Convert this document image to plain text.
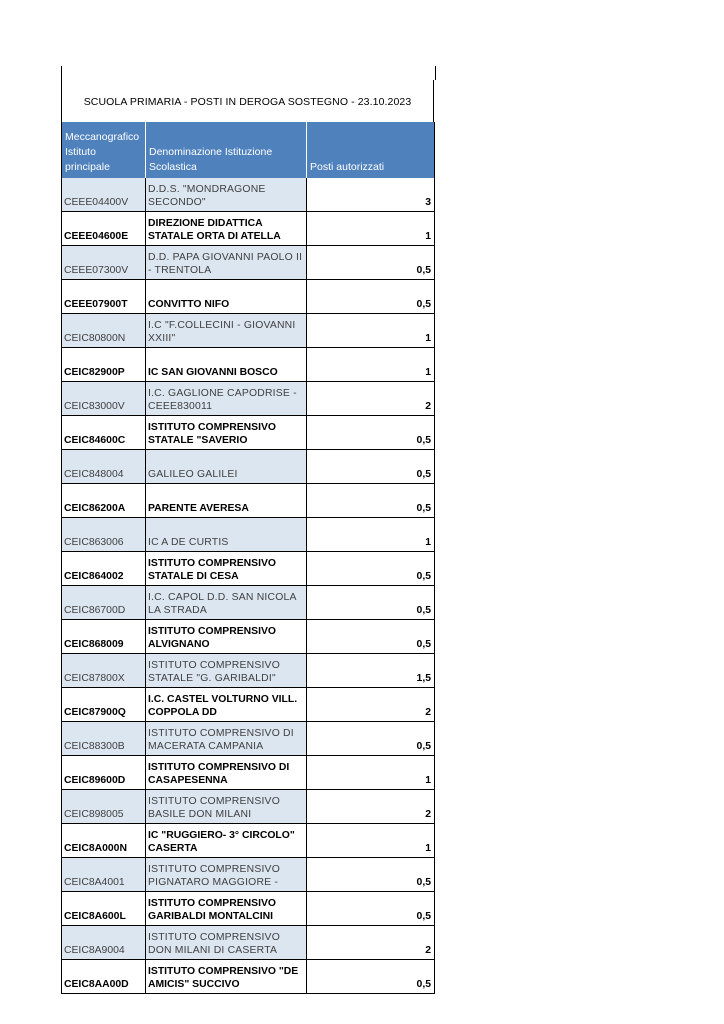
SCUOLA PRIMARIA - POSTI IN DEROGA SOSTEGNO - 23.10.2023
Meccanografico Istituto principale	Denominazione Istituzione Scolastica	Posti autorizzati
CEEE04400V	D.D.S. "MONDRAGONE SECONDO"	3
CEEE04600E	DIREZIONE DIDATTICA STATALE ORTA DI ATELLA	1
CEEE07300V	D.D. PAPA GIOVANNI PAOLO II - TRENTOLA	0,5
CEEE07900T	CONVITTO NIFO	0,5
CEIC80800N	I.C "F.COLLECINI - GIOVANNI XXIII"	1
CEIC82900P	IC SAN GIOVANNI BOSCO	1
CEIC83000V	I.C. GAGLIONE CAPODRISE - CEEE830011	2
CEIC84600C	ISTITUTO COMPRENSIVO STATALE "SAVERIO	0,5
CEIC848004	GALILEO GALILEI	0,5
CEIC86200A	PARENTE AVERESA	0,5
CEIC863006	IC A DE CURTIS	1
CEIC864002	ISTITUTO COMPRENSIVO STATALE DI CESA	0,5
CEIC86700D	I.C. CAPOL D.D. SAN NICOLA LA STRADA	0,5
CEIC868009	ISTITUTO COMPRENSIVO ALVIGNANO	0,5
CEIC87800X	ISTITUTO COMPRENSIVO STATALE "G. GARIBALDI"	1,5
CEIC87900Q	I.C. CASTEL VOLTURNO VILL. COPPOLA DD	2
CEIC88300B	ISTITUTO COMPRENSIVO DI MACERATA CAMPANIA	0,5
CEIC89600D	ISTITUTO COMPRENSIVO DI CASAPESENNA	1
CEIC898005	ISTITUTO COMPRENSIVO BASILE DON MILANI	2
CEIC8A000N	IC "RUGGIERO- 3° CIRCOLO" CASERTA	1
CEIC8A4001	ISTITUTO COMPRENSIVO PIGNATARO MAGGIORE -	0,5
CEIC8A600L	ISTITUTO COMPRENSIVO GARIBALDI MONTALCINI	0,5
CEIC8A9004	ISTITUTO COMPRENSIVO DON MILANI DI CASERTA	2
CEIC8AA00D	ISTITUTO COMPRENSIVO "DE AMICIS" SUCCIVO	0,5
